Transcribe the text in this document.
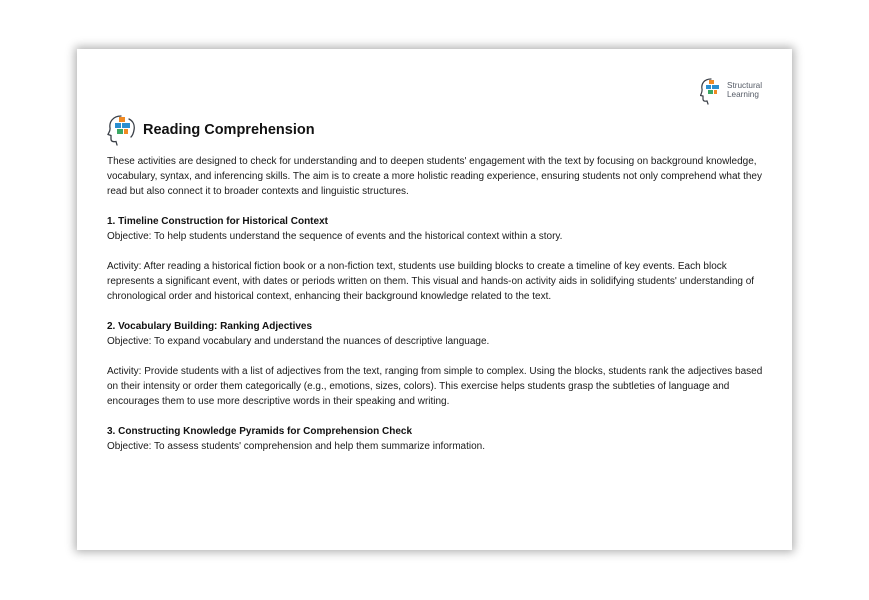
Structural
Learning
Reading Comprehension

These activities are designed to check for understanding and to deepen students' engagement with the text by focusing on background knowledge, vocabulary, syntax, and inferencing skills. The aim is to create a more holistic reading experience, ensuring students not only comprehend what they read but also connect it to broader contexts and linguistic structures.

1. Timeline Construction for Historical Context

Objective: To help students understand the sequence of events and the historical context within a story.

Activity: After reading a historical fiction book or a non-fiction text, students use building blocks to create a timeline of key events. Each block represents a significant event, with dates or periods written on them. This visual and hands-on activity aids in solidifying students' understanding of chronological order and historical context, enhancing their background knowledge related to the text.

2. Vocabulary Building: Ranking Adjectives

Objective: To expand vocabulary and understand the nuances of descriptive language.

Activity: Provide students with a list of adjectives from the text, ranging from simple to complex. Using the blocks, students rank the adjectives based on their intensity or order them categorically (e.g., emotions, sizes, colors). This exercise helps students grasp the subtleties of language and encourages them to use more descriptive words in their speaking and writing.

3. Constructing Knowledge Pyramids for Comprehension Check

Objective: To assess students' comprehension and help them summarize information.
